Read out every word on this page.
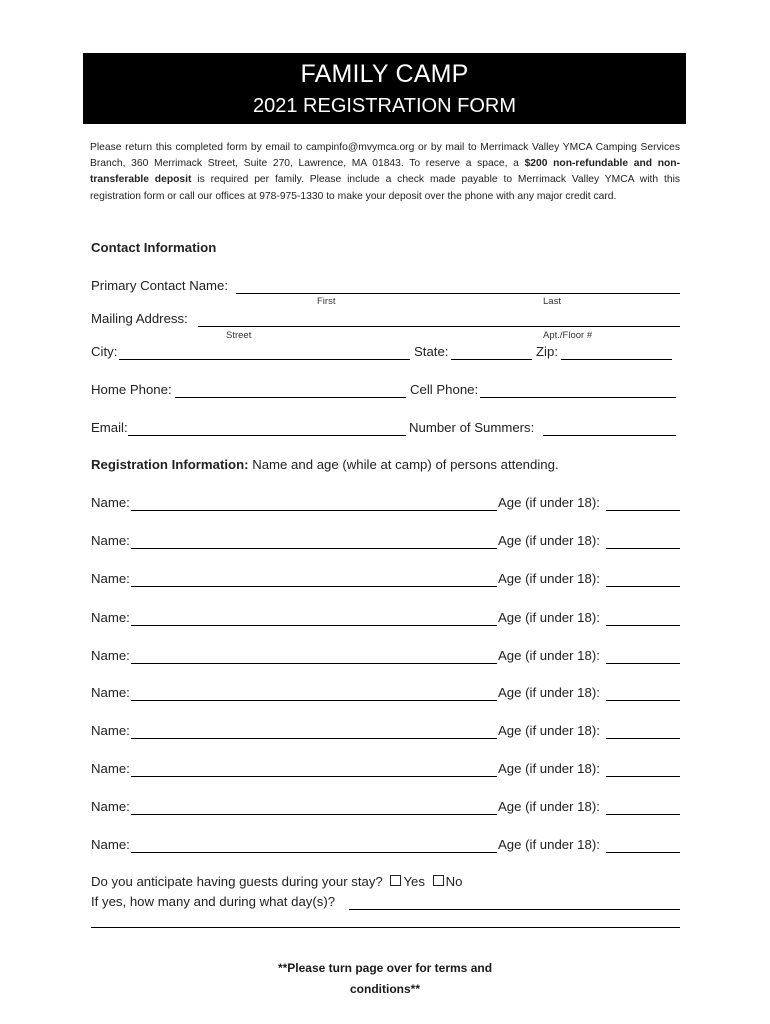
FAMILY CAMP
2021 REGISTRATION FORM
Please return this completed form by email to campinfo@mvymca.org or by mail to Merrimack Valley YMCA Camping Services Branch, 360 Merrimack Street, Suite 270, Lawrence, MA 01843. To reserve a space, a $200 non-refundable and non-transferable deposit is required per family. Please include a check made payable to Merrimack Valley YMCA with this registration form or call our offices at 978-975-1330 to make your deposit over the phone with any major credit card.
Contact Information
Primary Contact Name:
First	Last
Mailing Address:
Street	Apt./Floor #
City:	State:	Zip:
Home Phone:	Cell Phone:
Email:	Number of Summers:
Registration Information: Name and age (while at camp) of persons attending.
Name:	Age (if under 18):
Name:	Age (if under 18):
Name:	Age (if under 18):
Name:	Age (if under 18):
Name:	Age (if under 18):
Name:	Age (if under 18):
Name:	Age (if under 18):
Name:	Age (if under 18):
Name:	Age (if under 18):
Name:	Age (if under 18):
Do you anticipate having guests during your stay? Yes No
If yes, how many and during what day(s)?
**Please turn page over for terms and
conditions**
